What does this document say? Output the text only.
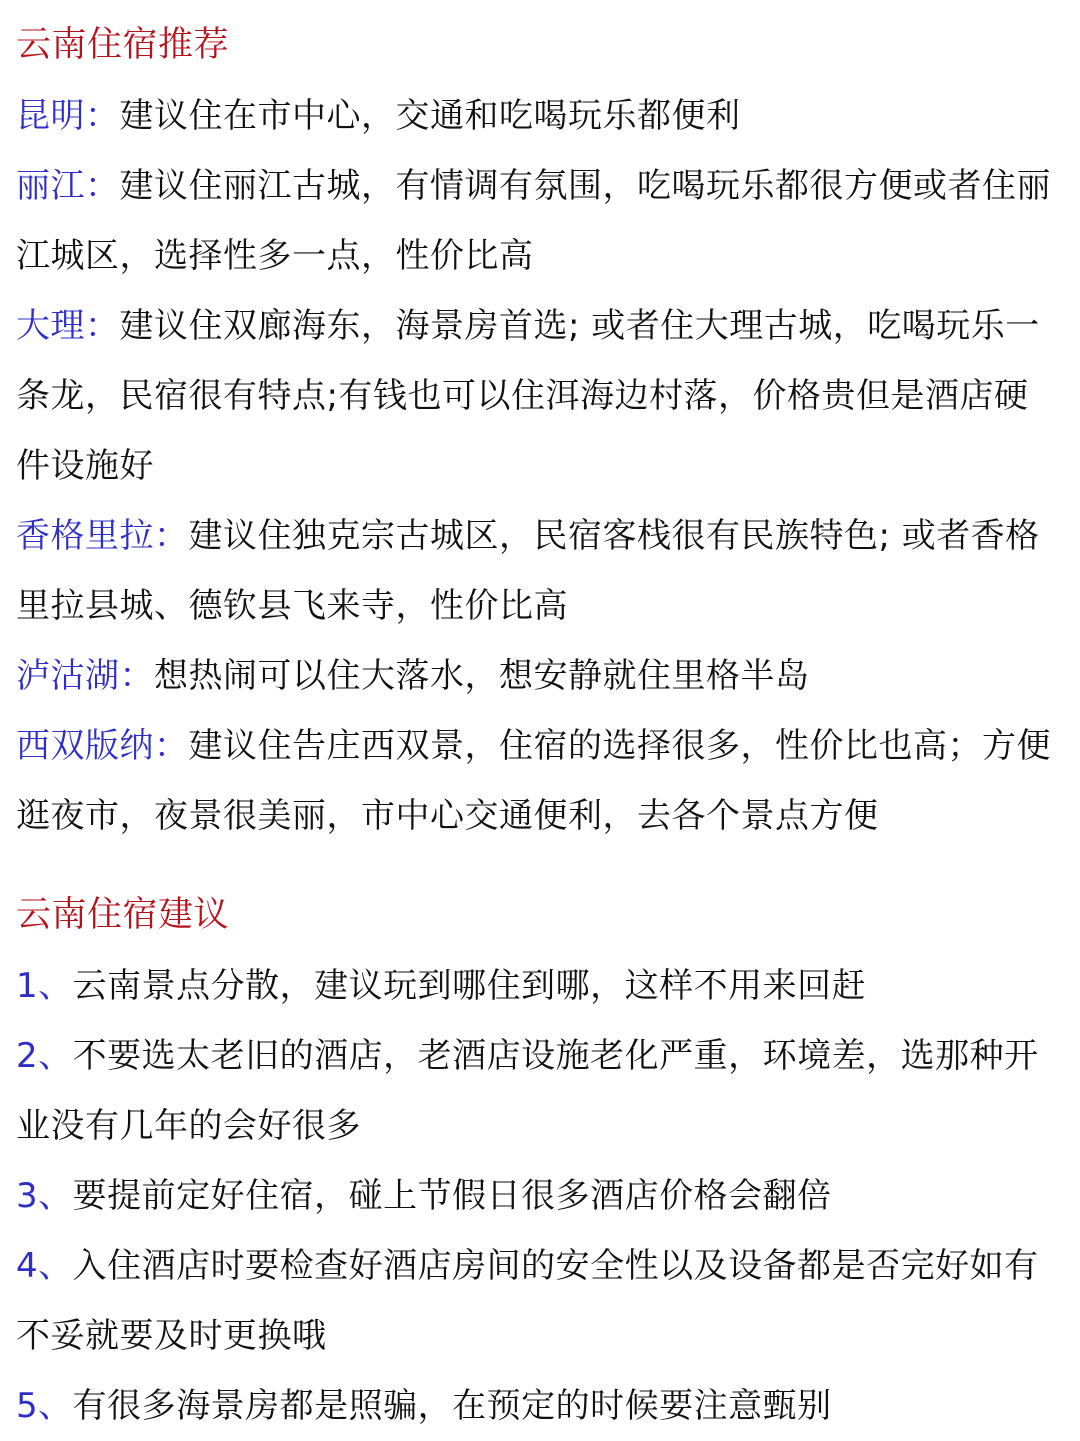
云南住宿推荐
昆明：建议住在市中心，交通和吃喝玩乐都便利
丽江：建议住丽江古城，有情调有氛围，吃喝玩乐都很方便或者住丽江城区，选择性多一点，性价比高
大理：建议住双廊海东，海景房首选; 或者住大理古城，吃喝玩乐一条龙，民宿很有特点;有钱也可以住洱海边村落，价格贵但是酒店硬件设施好
香格里拉：建议住独克宗古城区，民宿客栈很有民族特色; 或者香格里拉县城、德钦县飞来寺，性价比高
泸沽湖：想热闹可以住大落水，想安静就住里格半岛
西双版纳：建议住告庄西双景，住宿的选择很多，性价比也高；方便逛夜市，夜景很美丽，市中心交通便利，去各个景点方便
云南住宿建议
1、云南景点分散，建议玩到哪住到哪，这样不用来回赶
2、不要选太老旧的酒店，老酒店设施老化严重，环境差，选那种开业没有几年的会好很多
3、要提前定好住宿，碰上节假日很多酒店价格会翻倍
4、入住酒店时要检查好酒店房间的安全性以及设备都是否完好如有不妥就要及时更换哦
5、有很多海景房都是照骗，在预定的时候要注意甄别
